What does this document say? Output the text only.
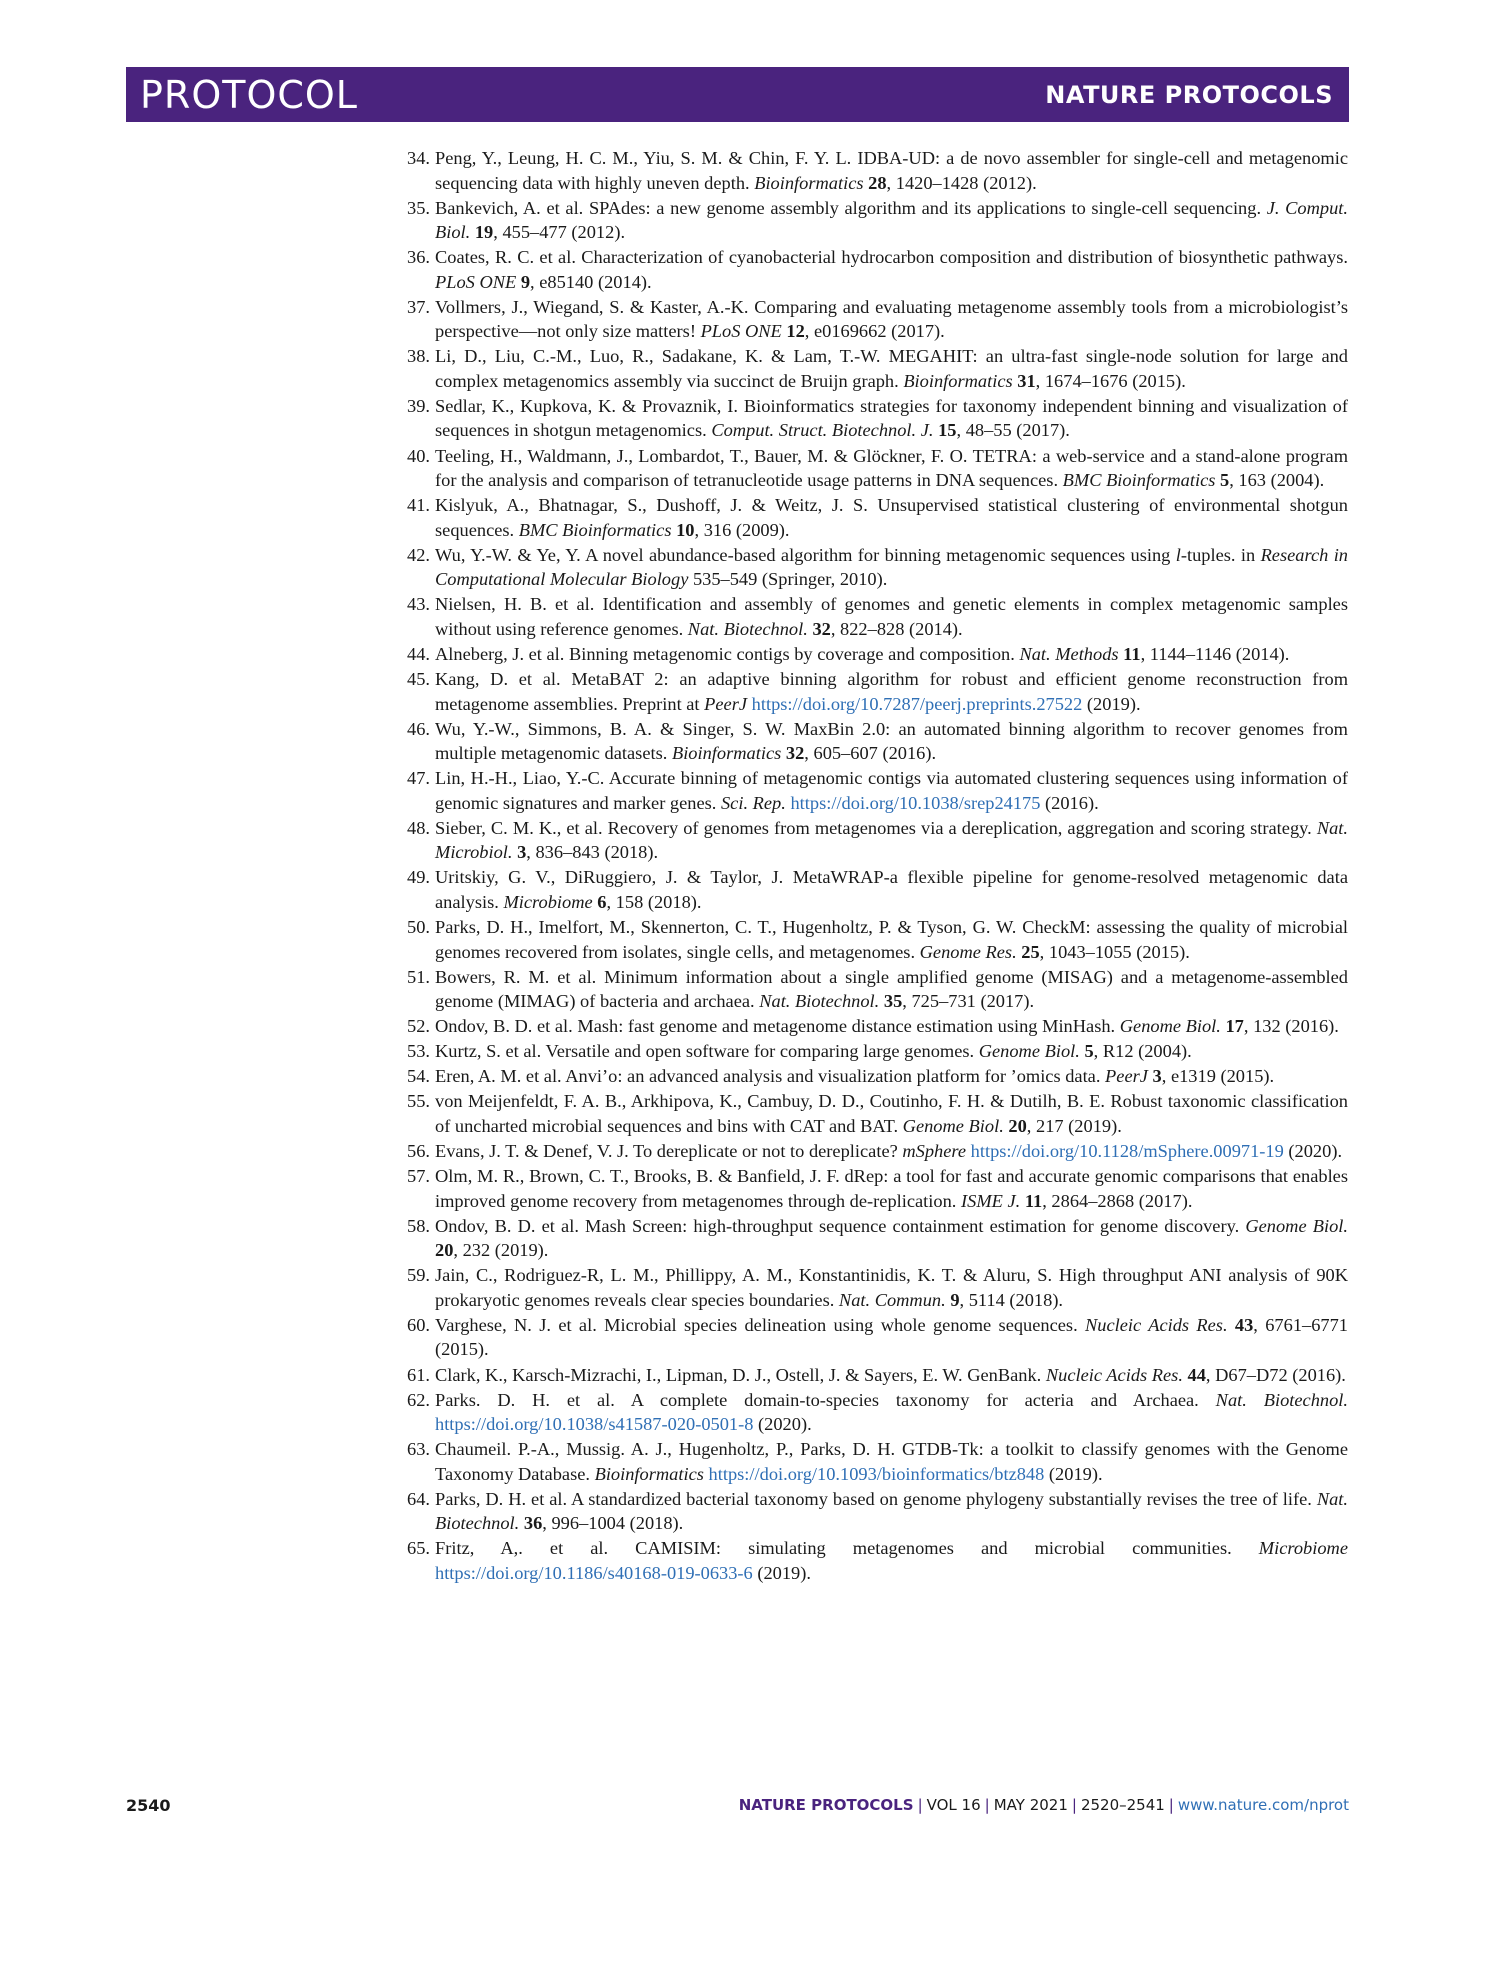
PROTOCOL	NATURE PROTOCOLS
34. Peng, Y., Leung, H. C. M., Yiu, S. M. & Chin, F. Y. L. IDBA-UD: a de novo assembler for single-cell and metagenomic sequencing data with highly uneven depth. Bioinformatics 28, 1420–1428 (2012).
35. Bankevich, A. et al. SPAdes: a new genome assembly algorithm and its applications to single-cell sequencing. J. Comput. Biol. 19, 455–477 (2012).
36. Coates, R. C. et al. Characterization of cyanobacterial hydrocarbon composition and distribution of biosynthetic pathways. PLoS ONE 9, e85140 (2014).
37. Vollmers, J., Wiegand, S. & Kaster, A.-K. Comparing and evaluating metagenome assembly tools from a microbiologist’s perspective—not only size matters! PLoS ONE 12, e0169662 (2017).
38. Li, D., Liu, C.-M., Luo, R., Sadakane, K. & Lam, T.-W. MEGAHIT: an ultra-fast single-node solution for large and complex metagenomics assembly via succinct de Bruijn graph. Bioinformatics 31, 1674–1676 (2015).
39. Sedlar, K., Kupkova, K. & Provaznik, I. Bioinformatics strategies for taxonomy independent binning and visualization of sequences in shotgun metagenomics. Comput. Struct. Biotechnol. J. 15, 48–55 (2017).
40. Teeling, H., Waldmann, J., Lombardot, T., Bauer, M. & Glöckner, F. O. TETRA: a web-service and a stand-alone program for the analysis and comparison of tetranucleotide usage patterns in DNA sequences. BMC Bioinformatics 5, 163 (2004).
41. Kislyuk, A., Bhatnagar, S., Dushoff, J. & Weitz, J. S. Unsupervised statistical clustering of environmental shotgun sequences. BMC Bioinformatics 10, 316 (2009).
42. Wu, Y.-W. & Ye, Y. A novel abundance-based algorithm for binning metagenomic sequences using l-tuples. in Research in Computational Molecular Biology 535–549 (Springer, 2010).
43. Nielsen, H. B. et al. Identification and assembly of genomes and genetic elements in complex metagenomic samples without using reference genomes. Nat. Biotechnol. 32, 822–828 (2014).
44. Alneberg, J. et al. Binning metagenomic contigs by coverage and composition. Nat. Methods 11, 1144–1146 (2014).
45. Kang, D. et al. MetaBAT 2: an adaptive binning algorithm for robust and efficient genome reconstruction from metagenome assemblies. Preprint at PeerJ https://doi.org/10.7287/peerj.preprints.27522 (2019).
46. Wu, Y.-W., Simmons, B. A. & Singer, S. W. MaxBin 2.0: an automated binning algorithm to recover genomes from multiple metagenomic datasets. Bioinformatics 32, 605–607 (2016).
47. Lin, H.-H., Liao, Y.-C. Accurate binning of metagenomic contigs via automated clustering sequences using information of genomic signatures and marker genes. Sci. Rep. https://doi.org/10.1038/srep24175 (2016).
48. Sieber, C. M. K., et al. Recovery of genomes from metagenomes via a dereplication, aggregation and scoring strategy. Nat. Microbiol. 3, 836–843 (2018).
49. Uritskiy, G. V., DiRuggiero, J. & Taylor, J. MetaWRAP-a flexible pipeline for genome-resolved metagenomic data analysis. Microbiome 6, 158 (2018).
50. Parks, D. H., Imelfort, M., Skennerton, C. T., Hugenholtz, P. & Tyson, G. W. CheckM: assessing the quality of microbial genomes recovered from isolates, single cells, and metagenomes. Genome Res. 25, 1043–1055 (2015).
51. Bowers, R. M. et al. Minimum information about a single amplified genome (MISAG) and a metagenome-assembled genome (MIMAG) of bacteria and archaea. Nat. Biotechnol. 35, 725–731 (2017).
52. Ondov, B. D. et al. Mash: fast genome and metagenome distance estimation using MinHash. Genome Biol. 17, 132 (2016).
53. Kurtz, S. et al. Versatile and open software for comparing large genomes. Genome Biol. 5, R12 (2004).
54. Eren, A. M. et al. Anvi’o: an advanced analysis and visualization platform for ’omics data. PeerJ 3, e1319 (2015).
55. von Meijenfeldt, F. A. B., Arkhipova, K., Cambuy, D. D., Coutinho, F. H. & Dutilh, B. E. Robust taxonomic classification of uncharted microbial sequences and bins with CAT and BAT. Genome Biol. 20, 217 (2019).
56. Evans, J. T. & Denef, V. J. To dereplicate or not to dereplicate? mSphere https://doi.org/10.1128/mSphere.00971-19 (2020).
57. Olm, M. R., Brown, C. T., Brooks, B. & Banfield, J. F. dRep: a tool for fast and accurate genomic comparisons that enables improved genome recovery from metagenomes through de-replication. ISME J. 11, 2864–2868 (2017).
58. Ondov, B. D. et al. Mash Screen: high-throughput sequence containment estimation for genome discovery. Genome Biol. 20, 232 (2019).
59. Jain, C., Rodriguez-R, L. M., Phillippy, A. M., Konstantinidis, K. T. & Aluru, S. High throughput ANI analysis of 90K prokaryotic genomes reveals clear species boundaries. Nat. Commun. 9, 5114 (2018).
60. Varghese, N. J. et al. Microbial species delineation using whole genome sequences. Nucleic Acids Res. 43, 6761–6771 (2015).
61. Clark, K., Karsch-Mizrachi, I., Lipman, D. J., Ostell, J. & Sayers, E. W. GenBank. Nucleic Acids Res. 44, D67–D72 (2016).
62. Parks. D. H. et al. A complete domain-to-species taxonomy for acteria and Archaea. Nat. Biotechnol. https://doi.org/10.1038/s41587-020-0501-8 (2020).
63. Chaumeil. P.-A., Mussig. A. J., Hugenholtz, P., Parks, D. H. GTDB-Tk: a toolkit to classify genomes with the Genome Taxonomy Database. Bioinformatics https://doi.org/10.1093/bioinformatics/btz848 (2019).
64. Parks, D. H. et al. A standardized bacterial taxonomy based on genome phylogeny substantially revises the tree of life. Nat. Biotechnol. 36, 996–1004 (2018).
65. Fritz, A,. et al. CAMISIM: simulating metagenomes and microbial communities. Microbiome https://doi.org/10.1186/s40168-019-0633-6 (2019).
2540	NATURE PROTOCOLS | VOL 16 | MAY 2021 | 2520–2541 | www.nature.com/nprot
